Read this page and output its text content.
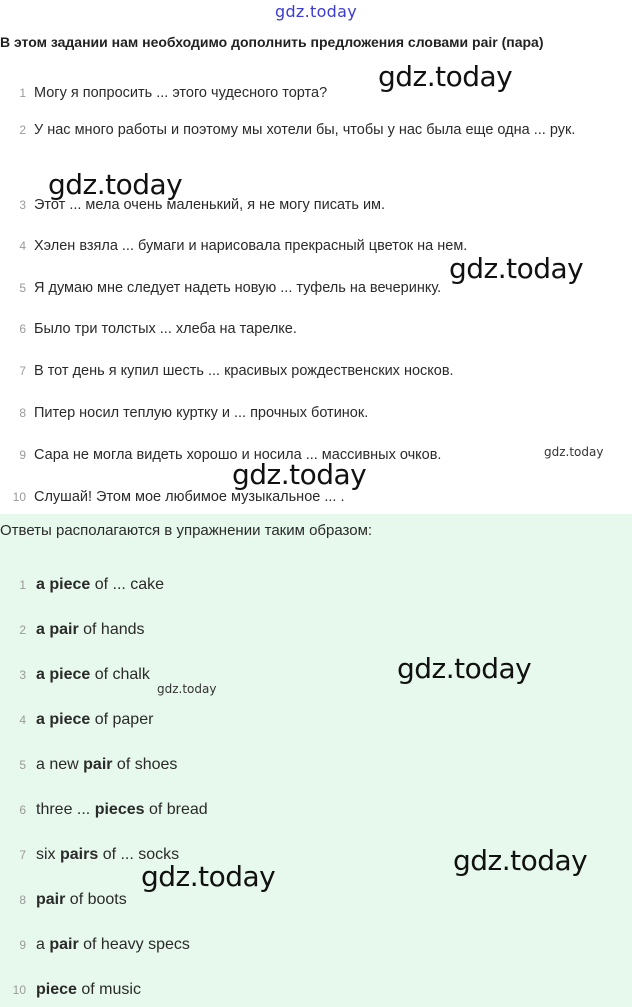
gdz.today
В этом задании нам необходимо дополнить предложения словами pair (пара)
1 Могу я попросить ... этого чудесного торта?
2 У нас много работы и поэтому мы хотели бы, чтобы у нас была еще одна ... рук.
3 Этот ... мела очень маленький, я не могу писать им.
4 Хэлен взяла ... бумаги и нарисовала прекрасный цветок на нем.
5 Я думаю мне следует надеть новую ... туфель на вечеринку.
6 Было три толстых ... хлеба на тарелке.
7 В тот день я купил шесть ... красивых рождественских носков.
8 Питер носил теплую куртку и ... прочных ботинок.
9 Сара не могла видеть хорошо и носила ... массивных очков.
10 Слушай! Этом мое любимое музыкальное ... .
Ответы располагаются в упражнении таким образом:
1 a piece of ... cake
2 a pair of hands
3 a piece of chalk
4 a piece of paper
5 a new pair of shoes
6 three ... pieces of bread
7 six pairs of ... socks
8 pair of boots
9 a pair of heavy specs
10 piece of music
gdz.today
gdz.today
gdz.today
gdz.today
gdz.today
gdz.today
gdz.today
gdz.today
gdz.today
